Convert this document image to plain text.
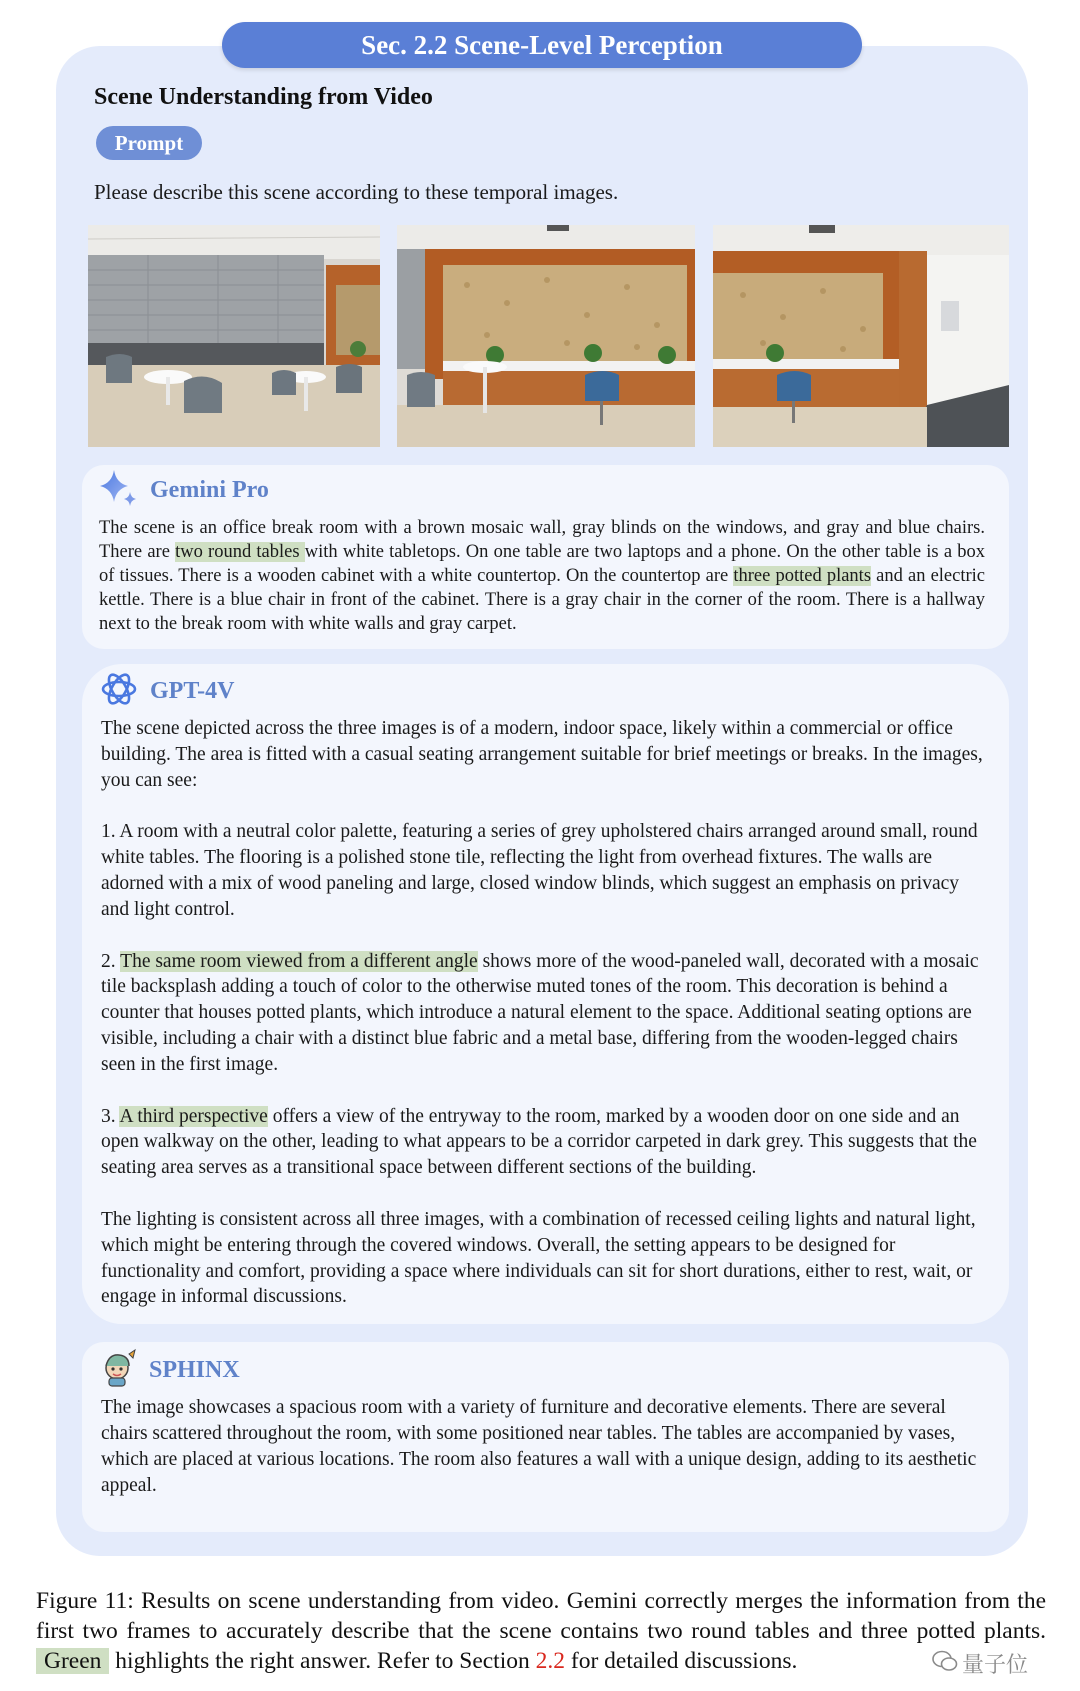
Sec. 2.2 Scene-Level Perception
Scene Understanding from Video
Prompt
Please describe this scene according to these temporal images.
Gemini Pro
The scene is an office break room with a brown mosaic wall, gray blinds on the windows, and gray and blue chairs. There are two round tables with white tabletops. On one table are two laptops and a phone. On the other table is a box of tissues. There is a wooden cabinet with a white countertop. On the countertop are three potted plants and an electric kettle. There is a blue chair in front of the cabinet. There is a gray chair in the corner of the room. There is a hallway next to the break room with white walls and gray carpet.
GPT-4V

The scene depicted across the three images is of a modern, indoor space, likely within a commercial or office building. The area is fitted with a casual seating arrangement suitable for brief meetings or breaks. In the images, you can see:

1. A room with a neutral color palette, featuring a series of grey upholstered chairs arranged around small, round white tables. The flooring is a polished stone tile, reflecting the light from overhead fixtures. The walls are adorned with a mix of wood paneling and large, closed window blinds, which suggest an emphasis on privacy and light control.

2. The same room viewed from a different angle shows more of the wood-paneled wall, decorated with a mosaic tile backsplash adding a touch of color to the otherwise muted tones of the room. This decoration is behind a counter that houses potted plants, which introduce a natural element to the space. Additional seating options are visible, including a chair with a distinct blue fabric and a metal base, differing from the wooden-legged chairs seen in the first image.

3. A third perspective offers a view of the entryway to the room, marked by a wooden door on one side and an open walkway on the other, leading to what appears to be a corridor carpeted in dark grey. This suggests that the seating area serves as a transitional space between different sections of the building.

The lighting is consistent across all three images, with a combination of recessed ceiling lights and natural light, which might be entering through the covered windows. Overall, the setting appears to be designed for functionality and comfort, providing a space where individuals can sit for short durations, either to rest, wait, or engage in informal discussions.

SPHINX
The image showcases a spacious room with a variety of furniture and decorative elements. There are several chairs scattered throughout the room, with some positioned near tables. The tables are accompanied by vases, which are placed at various locations. The room also features a wall with a unique design, adding to its aesthetic appeal.
Figure 11: Results on scene understanding from video. Gemini correctly merges the information from the first two frames to accurately describe that the scene contains two round tables and three potted plants. Green highlights the right answer. Refer to Section 2.2 for detailed discussions.	量子位
